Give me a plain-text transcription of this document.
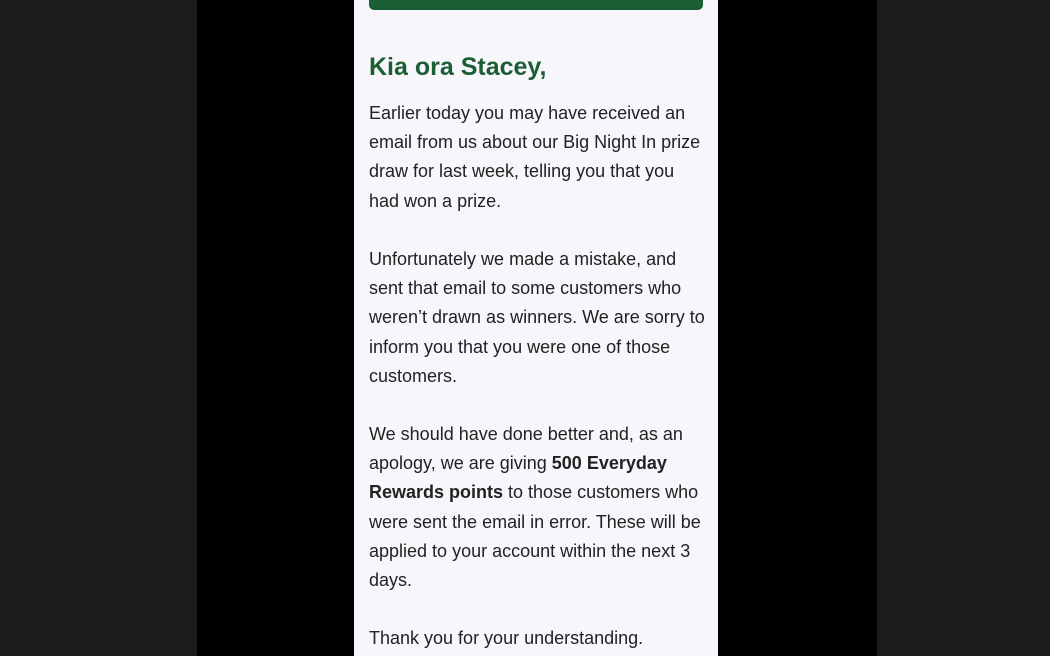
Kia ora Stacey,

Earlier today you may have received an email from us about our Big Night In prize draw for last week, telling you that you had won a prize.

Unfortunately we made a mistake, and sent that email to some customers who weren’t drawn as winners. We are sorry to inform you that you were one of those customers.

We should have done better and, as an apology, we are giving 500 Everyday Rewards points to those customers who were sent the email in error. These will be applied to your account within the next 3 days.

Thank you for your understanding.
